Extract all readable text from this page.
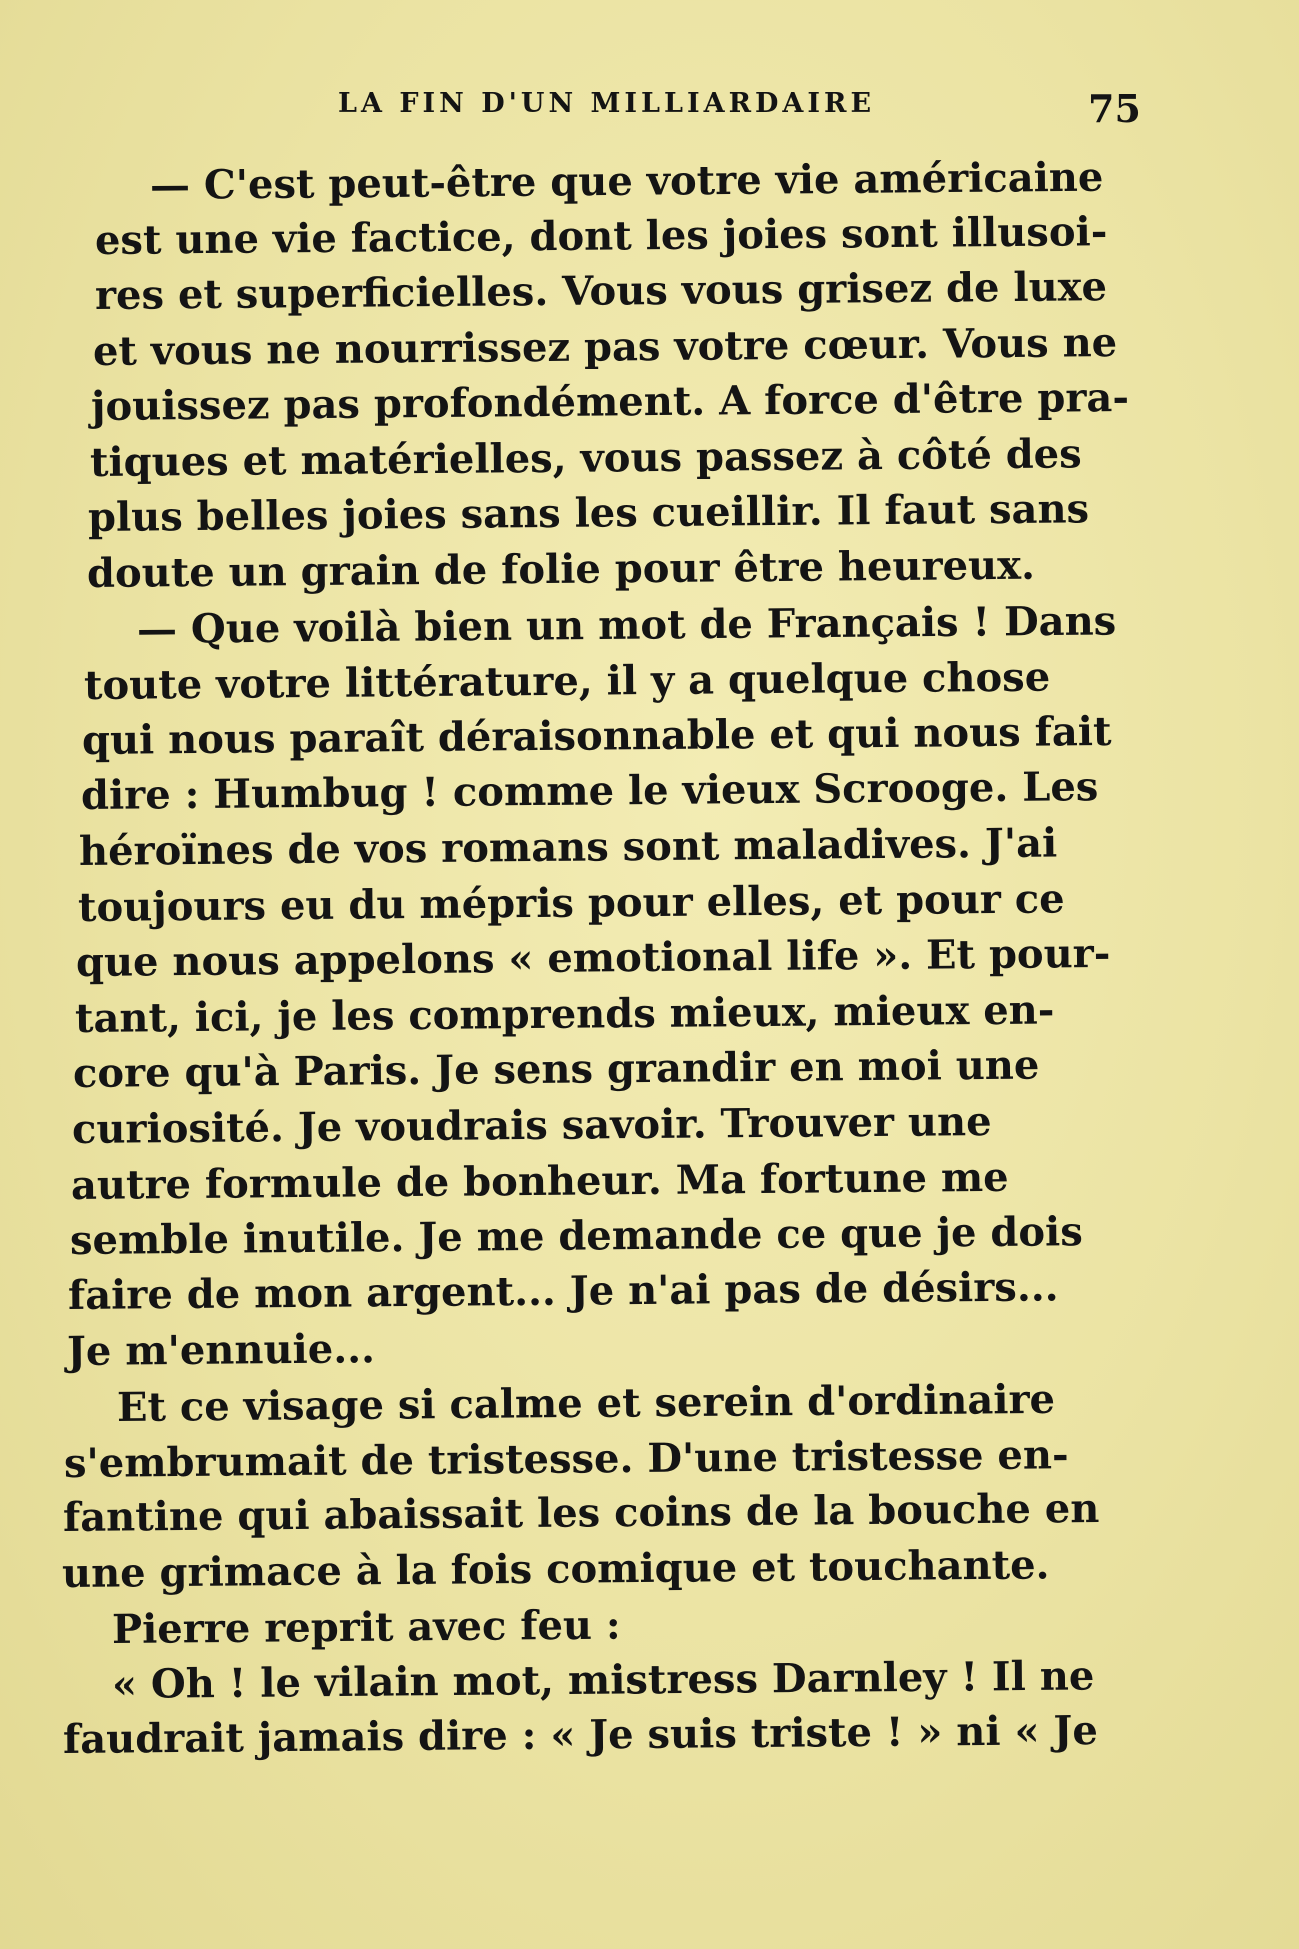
LA FIN D'UN MILLIARDAIRE	75
— C'est peut-être que votre vie américaine
est une vie factice, dont les joies sont illusoi-
res et superficielles. Vous vous grisez de luxe
et vous ne nourrissez pas votre cœur. Vous ne
jouissez pas profondément. A force d'être pra-
tiques et matérielles, vous passez à côté des
plus belles joies sans les cueillir. Il faut sans
doute un grain de folie pour être heureux.
— Que voilà bien un mot de Français ! Dans
toute votre littérature, il y a quelque chose
qui nous paraît déraisonnable et qui nous fait
dire : Humbug ! comme le vieux Scrooge. Les
héroïnes de vos romans sont maladives. J'ai
toujours eu du mépris pour elles, et pour ce
que nous appelons « emotional life ». Et pour-
tant, ici, je les comprends mieux, mieux en-
core qu'à Paris. Je sens grandir en moi une
curiosité. Je voudrais savoir. Trouver une
autre formule de bonheur. Ma fortune me
semble inutile. Je me demande ce que je dois
faire de mon argent... Je n'ai pas de désirs...
Je m'ennuie...
Et ce visage si calme et serein d'ordinaire
s'embrumait de tristesse. D'une tristesse en-
fantine qui abaissait les coins de la bouche en
une grimace à la fois comique et touchante.
Pierre reprit avec feu :
« Oh ! le vilain mot, mistress Darnley ! Il ne
faudrait jamais dire : « Je suis triste ! » ni « Je
